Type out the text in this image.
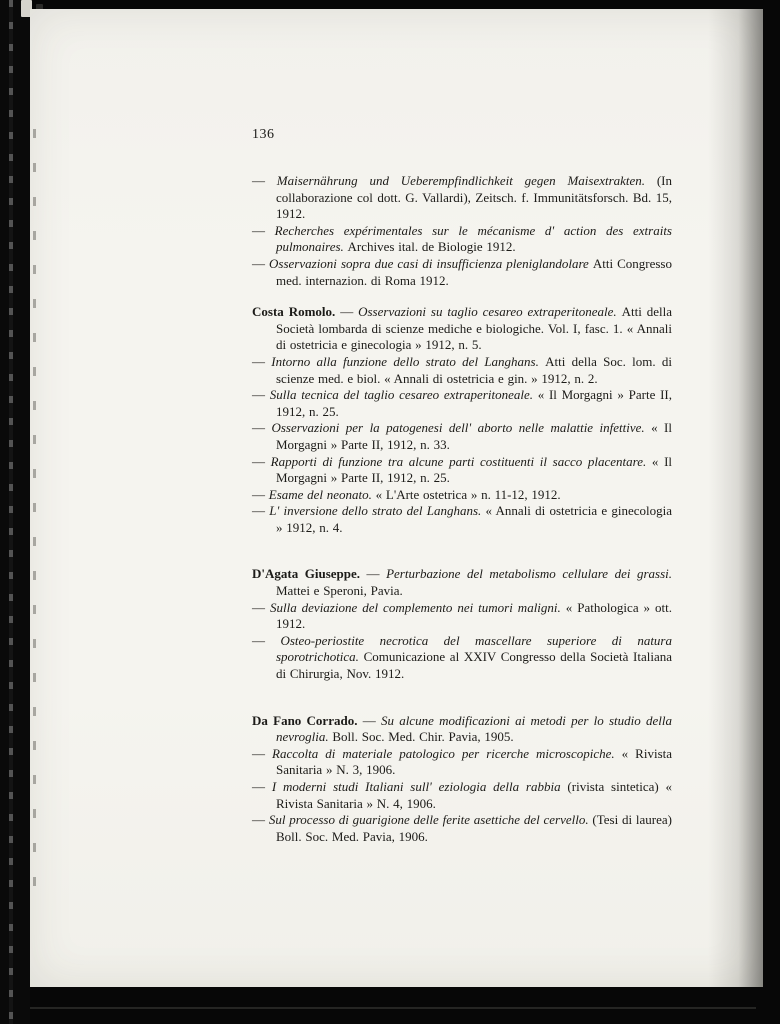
136

— Maisernährung und Ueberempfindlichkeit gegen Maisextrakten. (In collaborazione col dott. G. Vallardi), Zeitsch. f. Immunitätsforsch. Bd. 15, 1912.

— Recherches expérimentales sur le mécanisme d' action des extraits pulmonaires. Archives ital. de Biologie 1912.

— Osservazioni sopra due casi di insufficienza pleniglandolare Atti Congresso med. internazion. di Roma 1912.

Costa Romolo. — Osservazioni su taglio cesareo extraperitoneale. Atti della Società lombarda di scienze mediche e biologiche. Vol. I, fasc. 1. « Annali di ostetricia e ginecologia » 1912, n. 5.

— Intorno alla funzione dello strato del Langhans. Atti della Soc. lom. di scienze med. e biol. « Annali di ostetricia e gin. » 1912, n. 2.

— Sulla tecnica del taglio cesareo extraperitoneale. « Il Morgagni » Parte II, 1912, n. 25.

— Osservazioni per la patogenesi dell' aborto nelle malattie infettive. « Il Morgagni » Parte II, 1912, n. 33.

— Rapporti di funzione tra alcune parti costituenti il sacco placentare. « Il Morgagni » Parte II, 1912, n. 25.

— Esame del neonato. « L'Arte ostetrica » n. 11-12, 1912.

— L' inversione dello strato del Langhans. « Annali di ostetricia e ginecologia » 1912, n. 4.

D'Agata Giuseppe. — Perturbazione del metabolismo cellulare dei grassi. Mattei e Speroni, Pavia.

— Sulla deviazione del complemento nei tumori maligni. « Pathologica » ott. 1912.

— Osteo-periostite necrotica del mascellare superiore di natura sporotrichotica. Comunicazione al XXIV Congresso della Società Italiana di Chirurgia, Nov. 1912.

Da Fano Corrado. — Su alcune modificazioni ai metodi per lo studio della nevroglia. Boll. Soc. Med. Chir. Pavia, 1905.

— Raccolta di materiale patologico per ricerche microscopiche. « Rivista Sanitaria » N. 3, 1906.

— I moderni studi Italiani sull' eziologia della rabbia (rivista sintetica) « Rivista Sanitaria » N. 4, 1906.

— Sul processo di guarigione delle ferite asettiche del cervello. (Tesi di laurea) Boll. Soc. Med. Pavia, 1906.
